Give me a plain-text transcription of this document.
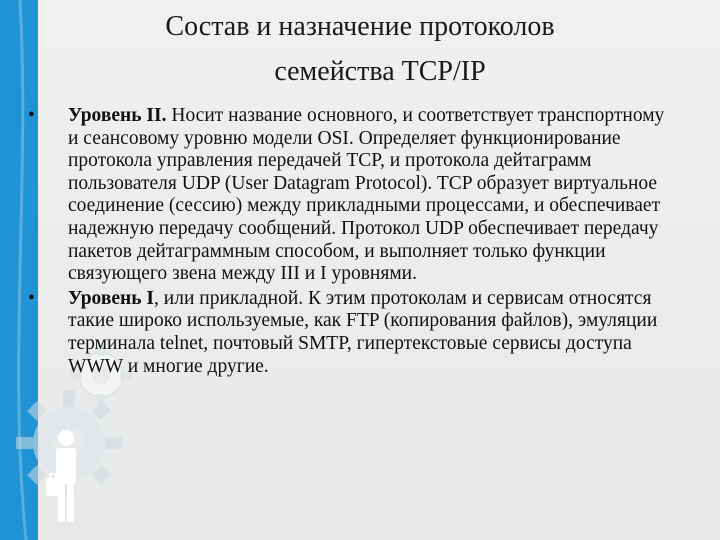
Состав и назначение протоколов
семейства TCP/IP
• Уровень II. Носит название основного, и соответствует транспортному и сеансовому уровню модели OSI. Определяет функционирование протокола управления передачей TCP, и протокола дейтаграмм пользователя UDP (User Datagram Protocol). TCP образует виртуальное соединение (сессию) между прикладными процессами, и обеспечивает надежную передачу сообщений. Протокол UDP обеспечивает передачу пакетов дейтаграммным способом, и выполняет только функции связующего звена между III и I уровнями.
• Уровень I, или прикладной. К этим протоколам и сервисам относятся такие широко используемые, как FTP (копирования файлов), эмуляции терминала telnet, почтовый SMTP, гипертекстовые сервисы доступа WWW и многие другие.
